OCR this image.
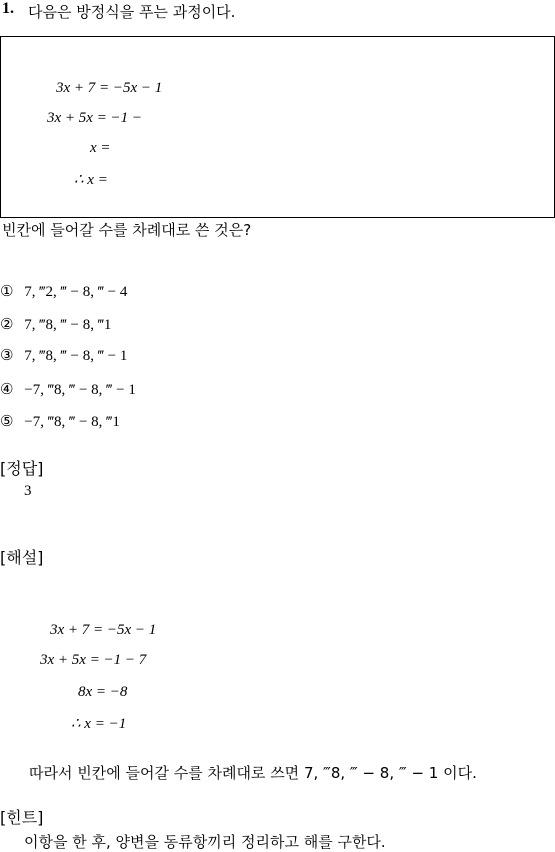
1. 다음은 방정식을 푸는 과정이다.
3x + 7 = −5x − 1
3x + 5x = −1 −
x =
∴ x =
빈칸에 들어갈 수를 차례대로 쓴 것은?
① 7, ‴2, ‴ − 8, ‴ − 4
② 7, ‴8, ‴ − 8, ‴1
③ 7, ‴8, ‴ − 8, ‴ − 1
④ −7, ‴8, ‴ − 8, ‴ − 1
⑤ −7, ‴8, ‴ − 8, ‴1
[정답]
3
[해설]
3x + 7 = −5x − 1
3x + 5x = −1 − 7
8x = −8
∴ x = −1
따라서 빈칸에 들어갈 수를 차례대로 쓰면 7, ‴8, ‴ − 8, ‴ − 1 이다.
[힌트]
이항을 한 후, 양변을 동류항끼리 정리하고 해를 구한다.
